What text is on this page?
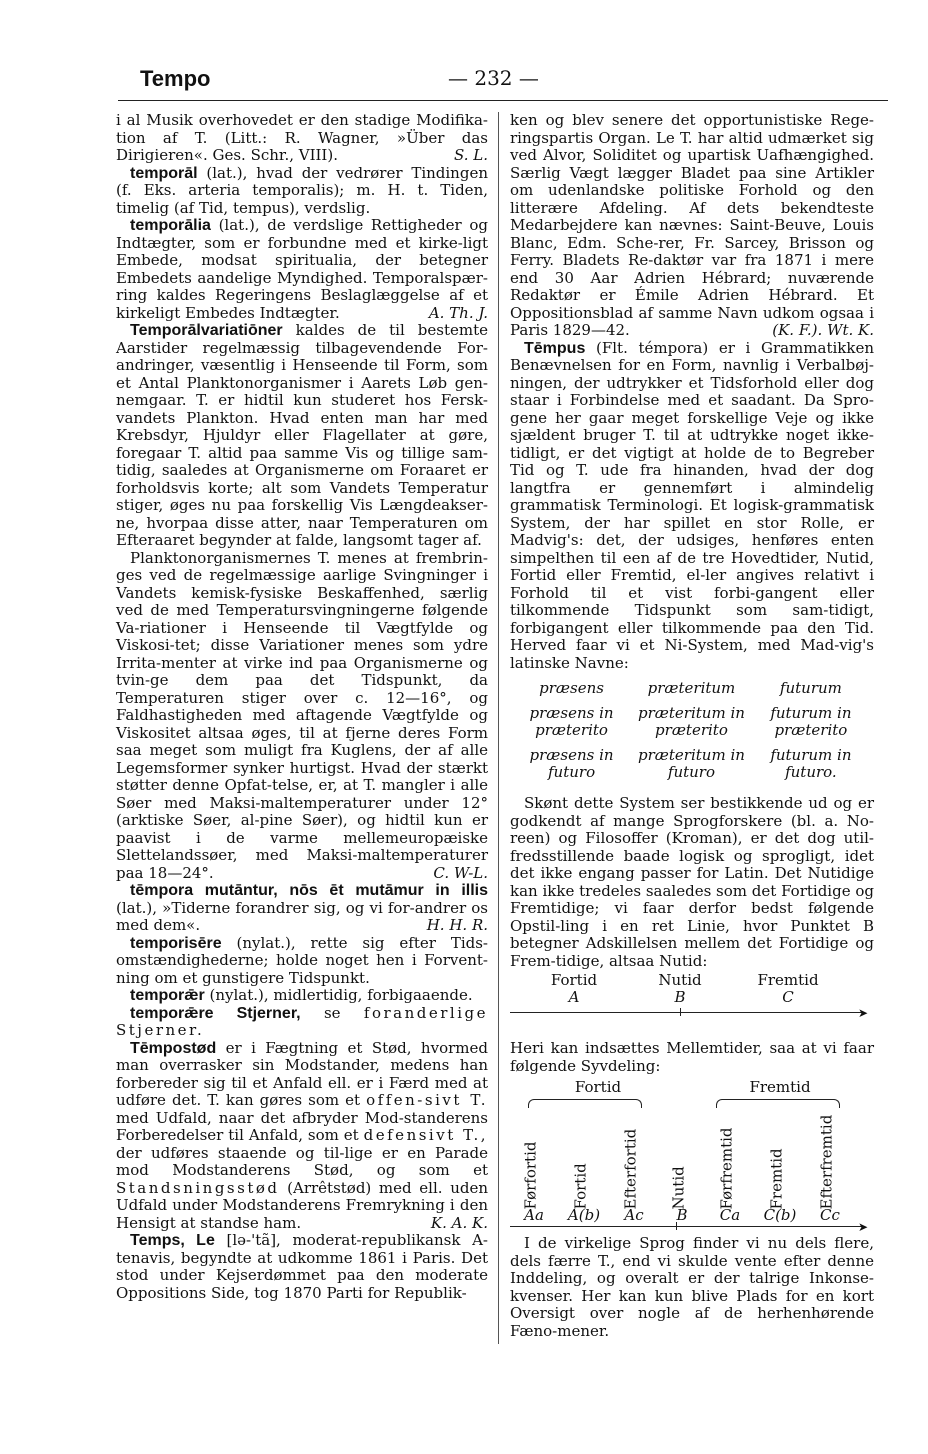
Tempo	— 232 —

i al Musik overhovedet er den stadige Modifika-tion af T. (Litt.: R. Wagner, »Über das Dirigieren«. Ges. Schr., VIII).	S. L.

temporāl (lat.), hvad der vedrører Tindingen (f. Eks. arteria temporalis); m. H. t. Tiden, timelig (af Tid, tempus), verdslig.

temporālia (lat.), de verdslige Rettigheder og Indtægter, som er forbundne med et kirke-ligt Embede, modsat spiritualia, der betegner Embedets aandelige Myndighed. Temporalspær-ring kaldes Regeringens Beslaglæggelse af et kirkeligt Embedes Indtægter.	A. Th. J.

Temporālvariatiōner kaldes de til bestemte Aarstider regelmæssig tilbagevendende For-andringer, væsentlig i Henseende til Form, som et Antal Planktonorganismer i Aarets Løb gen-nemgaar. T. er hidtil kun studeret hos Fersk-vandets Plankton. Hvad enten man har med Krebsdyr, Hjuldyr eller Flagellater at gøre, foregaar T. altid paa samme Vis og tillige sam-tidig, saaledes at Organismerne om Foraaret er forholdsvis korte; alt som Vandets Temperatur stiger, øges nu paa forskellig Vis Længdeakser-ne, hvorpaa disse atter, naar Temperaturen om Efteraaret begynder at falde, langsomt tager af.

Planktonorganismernes T. menes at frembrin-ges ved de regelmæssige aarlige Svingninger i Vandets kemisk-fysiske Beskaffenhed, særlig ved de med Temperatursvingningerne følgende Va-riationer i Henseende til Vægtfylde og Viskosi-tet; disse Variationer menes som ydre Irrita-menter at virke ind paa Organismerne og tvin-ge dem paa det Tidspunkt, da Temperaturen stiger over c. 12—16°, og Faldhastigheden med aftagende Vægtfylde og Viskositet altsaa øges, til at fjerne deres Form saa meget som muligt fra Kuglens, der af alle Legemsformer synker hurtigst. Hvad der stærkt støtter denne Opfat-telse, er, at T. mangler i alle Søer med Maksi-maltemperaturer under 12° (arktiske Søer, al-pine Søer), og hidtil kun er paavist i de varme mellemeuropæiske Slettelandssøer, med Maksi-maltemperaturer paa 18—24°.	C. W-L.

tēmpora mutāntur, nōs ēt mutāmur in illis (lat.), »Tiderne forandrer sig, og vi for-andrer os med dem«.	H. H. R.

temporisēre (nylat.), rette sig efter Tids-omstændighederne; holde noget hen i Forvent-ning om et gunstigere Tidspunkt.

temporǣr (nylat.), midlertidig, forbigaaende.

temporǣre Stjerner, se foranderlige Stjerner.

Tēmpostød er i Fægtning et Stød, hvormed man overrasker sin Modstander, medens han forbereder sig til et Anfald ell. er i Færd med at udføre det. T. kan gøres som et offen-sivt T. med Udfald, naar det afbryder Mod-standerens Forberedelser til Anfald, som et defensivt T., der udføres staaende og til-lige er en Parade mod Modstanderens Stød, og som et Standsningsstød (Arrêtstød) med ell. uden Udfald under Modstanderens Fremrykning i den Hensigt at standse ham.	K. A. K.

Temps, Le [lə-'tã], moderat-republikansk A-tenavis, begyndte at udkomme 1861 i Paris. Det stod under Kejserdømmet paa den moderate Oppositions Side, tog 1870 Parti for Republik-

ken og blev senere det opportunistiske Rege-ringspartis Organ. Le T. har altid udmærket sig ved Alvor, Soliditet og upartisk Uafhængighed. Særlig Vægt lægger Bladet paa sine Artikler om udenlandske politiske Forhold og den litterære Afdeling. Af dets bekendteste Medarbejdere kan nævnes: Saint-Beuve, Louis Blanc, Edm. Sche-rer, Fr. Sarcey, Brisson og Ferry. Bladets Re-daktør var fra 1871 i mere end 30 Aar Adrien Hébrard; nuværende Redaktør er Émile Adrien Hébrard. Et Oppositionsblad af samme Navn udkom ogsaa i Paris 1829—42.	(K. F.). Wt. K.

Tēmpus (Flt. témpora) er i Grammatikken Benævnelsen for en Form, navnlig i Verbalbøj-ningen, der udtrykker et Tidsforhold eller dog staar i Forbindelse med et saadant. Da Spro-gene her gaar meget forskellige Veje og ikke sjældent bruger T. til at udtrykke noget ikke-tidligt, er det vigtigt at holde de to Begreber Tid og T. ude fra hinanden, hvad der dog langtfra er gennemført i almindelig grammatisk Terminologi. Et logisk-grammatisk System, der har spillet en stor Rolle, er Madvig's: det, der udsiges, henføres enten simpelthen til een af de tre Hovedtider, Nutid, Fortid eller Fremtid, el-ler angives relativt i Forhold til et vist forbi-gangent eller tilkommende Tidspunkt som sam-tidigt, forbigangent eller tilkommende paa den Tid. Herved faar vi et Ni-System, med Mad-vig's latinske Navne:

præsens	præteritum	futurum
præsens in præterito	præteritum in præterito	futurum in præterito
præsens in futuro	præteritum in futuro	futurum in futuro.

Skønt dette System ser bestikkende ud og er godkendt af mange Sprogforskere (bl. a. No-reen) og Filosoffer (Kroman), er det dog util-fredsstillende baade logisk og sprogligt, idet det ikke engang passer for Latin. Det Nutidige kan ikke tredeles saaledes som det Fortidige og Fremtidige; vi faar derfor bedst følgende Opstil-ling i en ret Linie, hvor Punktet B betegner Adskillelsen mellem det Fortidige og Frem-tidige, altsaa Nutid:

Fortid	Nutid	Fremtid
A	B	C
➤

Heri kan indsættes Mellemtider, saa at vi faar følgende Syvdeling:

Fortid	Fremtid
Førfortid Fortid Efterfortid Nutid Førfremtid Fremtid Efterfremtid
Aa	A(b)	Ac	B	Ca	C(b)	Cc
➤

I de virkelige Sprog finder vi nu dels flere, dels færre T., end vi skulde vente efter denne Inddeling, og overalt er der talrige Inkonse-kvenser. Her kan kun blive Plads for en kort Oversigt over nogle af de herhenhørende Fæno-mener.
